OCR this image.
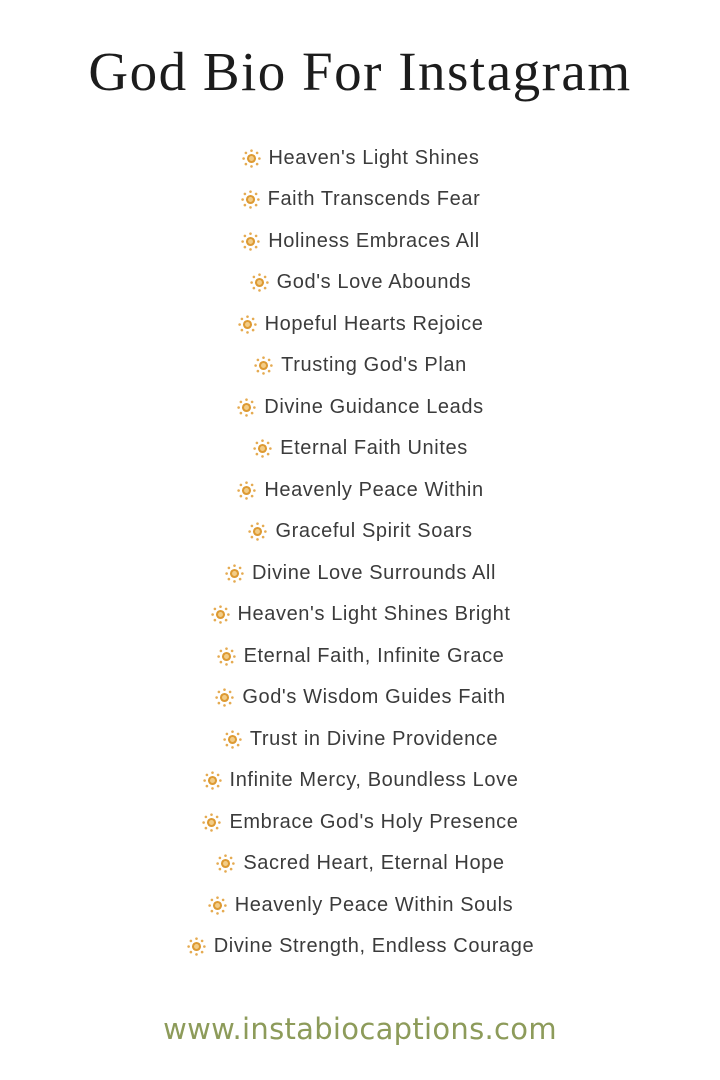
God Bio For Instagram
Heaven's Light Shines
Faith Transcends Fear
Holiness Embraces All
God's Love Abounds
Hopeful Hearts Rejoice
Trusting God's Plan
Divine Guidance Leads
Eternal Faith Unites
Heavenly Peace Within
Graceful Spirit Soars
Divine Love Surrounds All
Heaven's Light Shines Bright
Eternal Faith, Infinite Grace
God's Wisdom Guides Faith
Trust in Divine Providence
Infinite Mercy, Boundless Love
Embrace God's Holy Presence
Sacred Heart, Eternal Hope
Heavenly Peace Within Souls
Divine Strength, Endless Courage
www.instabiocaptions.com
